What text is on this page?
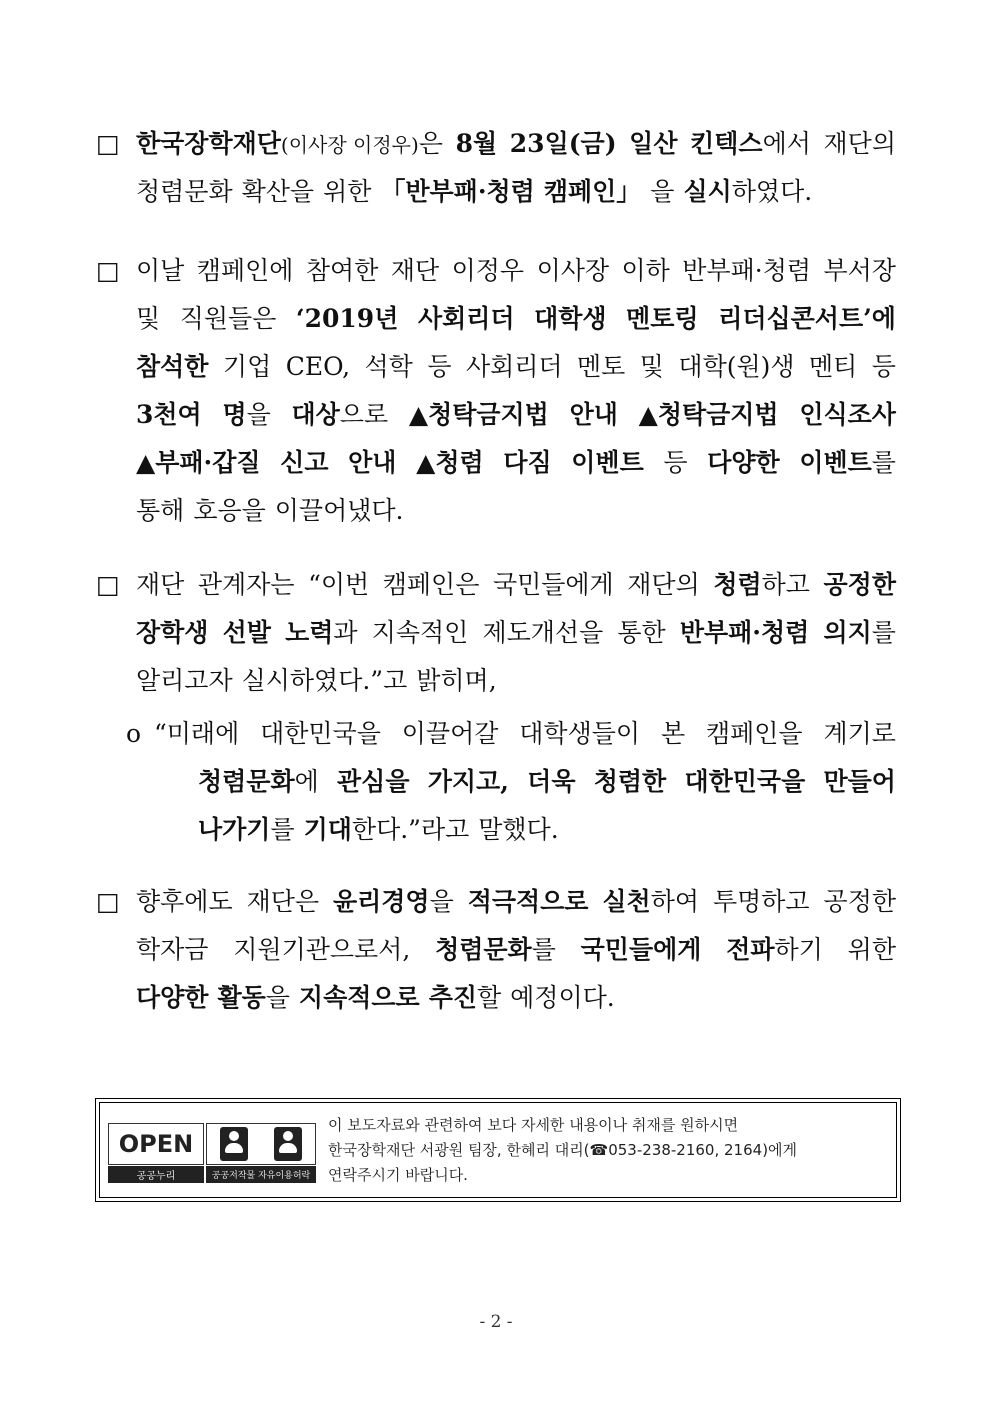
□ 한국장학재단(이사장 이정우)은 8월 23일(금) 일산 킨텍스에서 재단의
청렴문화 확산을 위한 「반부패·청렴 캠페인」 을 실시하였다.
□ 이날 캠페인에 참여한 재단 이정우 이사장 이하 반부패·청렴 부서장
및 직원들은 ‘2019년 사회리더 대학생 멘토링 리더십콘서트’에
참석한 기업 CEO, 석학 등 사회리더 멘토 및 대학(원)생 멘티 등
3천여 명을 대상으로 ▲청탁금지법 안내 ▲청탁금지법 인식조사
▲부패·갑질 신고 안내 ▲청렴 다짐 이벤트 등 다양한 이벤트를
통해 호응을 이끌어냈다.
□ 재단 관계자는 “이번 캠페인은 국민들에게 재단의 청렴하고 공정한
장학생 선발 노력과 지속적인 제도개선을 통한 반부패·청렴 의지를
알리고자 실시하였다.”고 밝히며,
o “미래에 대한민국을 이끌어갈 대학생들이 본 캠페인을 계기로
청렴문화에 관심을 가지고, 더욱 청렴한 대한민국을 만들어
나가기를 기대한다.”라고 말했다.
□ 향후에도 재단은 윤리경영을 적극적으로 실천하여 투명하고 공정한
학자금 지원기관으로서, 청렴문화를 국민들에게 전파하기 위한
다양한 활동을 지속적으로 추진할 예정이다.
OPEN
공공누리	공공저작물 자유이용허락
이 보도자료와 관련하여 보다 자세한 내용이나 취재를 원하시면
한국장학재단 서광원 팀장, 한혜리 대리(☎053-238-2160, 2164)에게
연락주시기 바랍니다.
- 2 -
